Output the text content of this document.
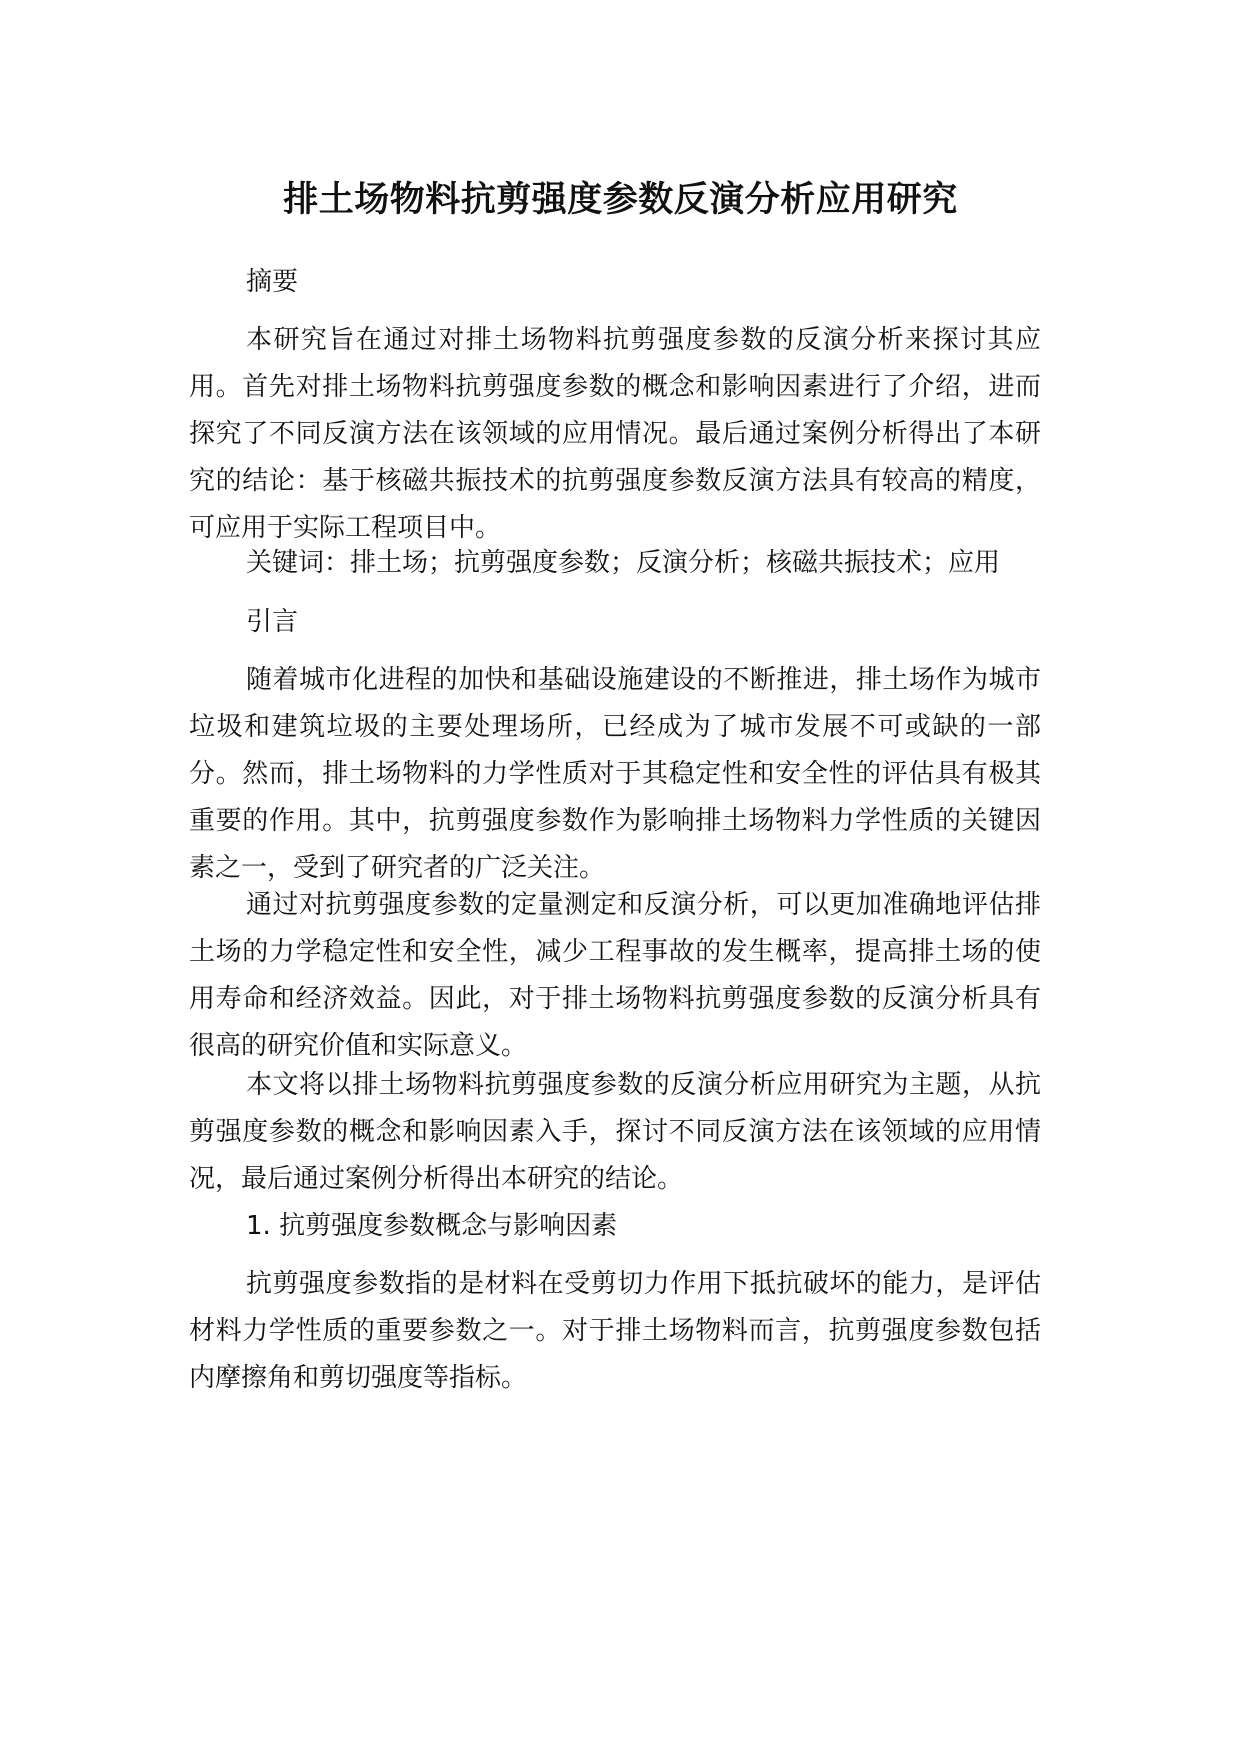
排土场物料抗剪强度参数反演分析应用研究
摘要

本研究旨在通过对排土场物料抗剪强度参数的反演分析来探讨其应用。首先对排土场物料抗剪强度参数的概念和影响因素进行了介绍，进而探究了不同反演方法在该领域的应用情况。最后通过案例分析得出了本研究的结论：基于核磁共振技术的抗剪强度参数反演方法具有较高的精度，可应用于实际工程项目中。

关键词：排土场；抗剪强度参数；反演分析；核磁共振技术；应用
引言

随着城市化进程的加快和基础设施建设的不断推进，排土场作为城市垃圾和建筑垃圾的主要处理场所，已经成为了城市发展不可或缺的一部分。然而，排土场物料的力学性质对于其稳定性和安全性的评估具有极其重要的作用。其中，抗剪强度参数作为影响排土场物料力学性质的关键因素之一，受到了研究者的广泛关注。

通过对抗剪强度参数的定量测定和反演分析，可以更加准确地评估排土场的力学稳定性和安全性，减少工程事故的发生概率，提高排土场的使用寿命和经济效益。因此，对于排土场物料抗剪强度参数的反演分析具有很高的研究价值和实际意义。

本文将以排土场物料抗剪强度参数的反演分析应用研究为主题，从抗剪强度参数的概念和影响因素入手，探讨不同反演方法在该领域的应用情况，最后通过案例分析得出本研究的结论。

1. 抗剪强度参数概念与影响因素

抗剪强度参数指的是材料在受剪切力作用下抵抗破坏的能力，是评估材料力学性质的重要参数之一。对于排土场物料而言，抗剪强度参数包括内摩擦角和剪切强度等指标。
